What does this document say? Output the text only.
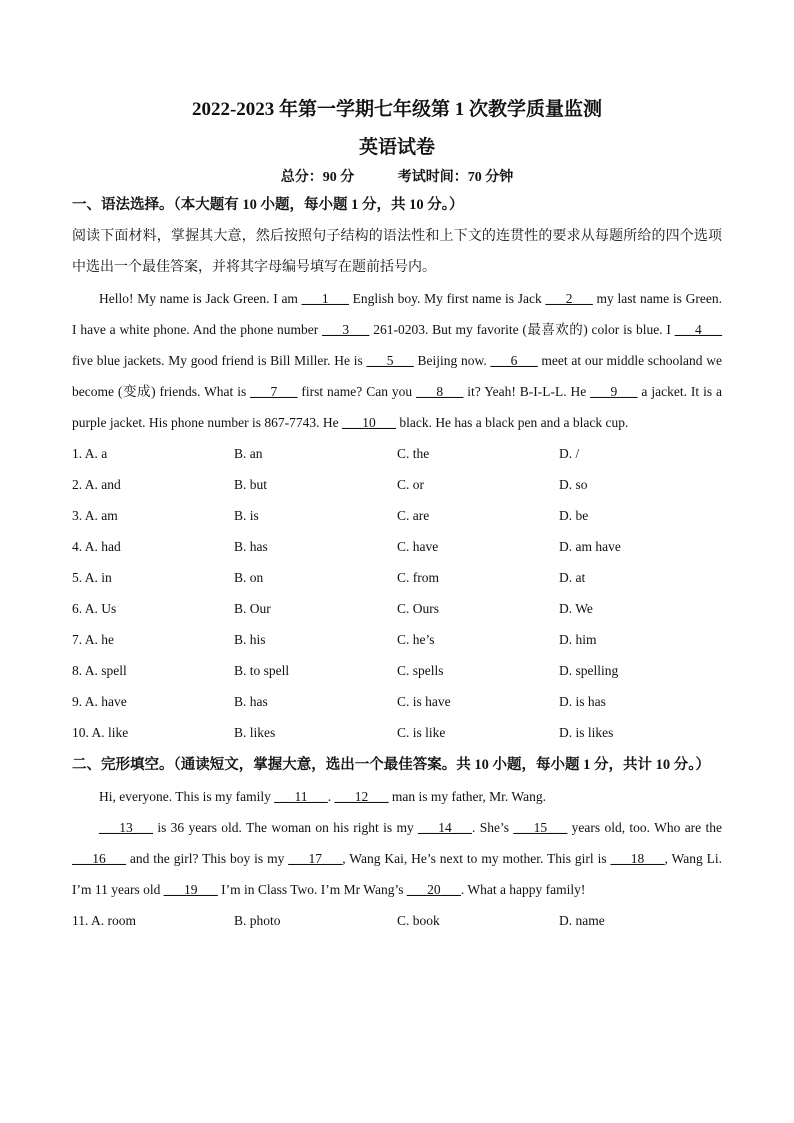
2022-2023 年第一学期七年级第 1 次教学质量监测
英语试卷
总分：90 分	考试时间：70 分钟
一、语法选择。（本大题有 10 小题，每小题 1 分，共 10 分。）
阅读下面材料，掌握其大意，然后按照句子结构的语法性和上下文的连贯性的要求从每题所给的四个选项中选出一个最佳答案，并将其字母编号填写在题前括号内。
Hello! My name is Jack Green. I am ___1___ English boy. My first name is Jack ___2___ my last name is Green. I have a white phone. And the phone number ___3___ 261-0203. But my favorite (最喜欢的) color is blue. I ___4___ five blue jackets. My good friend is Bill Miller. He is ___5___ Beijing now. ___6___ meet at our middle schooland we become (变成) friends. What is ___7___ first name? Can you ___8___ it? Yeah! B-I-L-L. He ___9___ a jacket. It is a purple jacket. His phone number is 867-7743. He ___10___ black. He has a black pen and a black cup.
1. A. a	B. an	C. the	D. /
2. A. and	B. but	C. or	D. so
3. A. am	B. is	C. are	D. be
4. A. had	B. has	C. have	D. am have
5. A. in	B. on	C. from	D. at
6. A. Us	B. Our	C. Ours	D. We
7. A. he	B. his	C. he’s	D. him
8. A. spell	B. to spell	C. spells	D. spelling
9. A. have	B. has	C. is have	D. is has
10. A. like	B. likes	C. is like	D. is likes
二、完形填空。（通读短文，掌握大意，选出一个最佳答案。共 10 小题，每小题 1 分，共计 10 分。）
Hi, everyone. This is my family ___11___. ___12___ man is my father, Mr. Wang.
___13___ is 36 years old. The woman on his right is my ___14___. She’s ___15___ years old, too. Who are the ___16___ and the girl? This boy is my ___17___, Wang Kai, He’s next to my mother. This girl is ___18___, Wang Li. I’m 11 years old ___19___ I’m in Class Two. I’m Mr Wang’s ___20___. What a happy family!
11. A. room	B. photo	C. book	D. name
